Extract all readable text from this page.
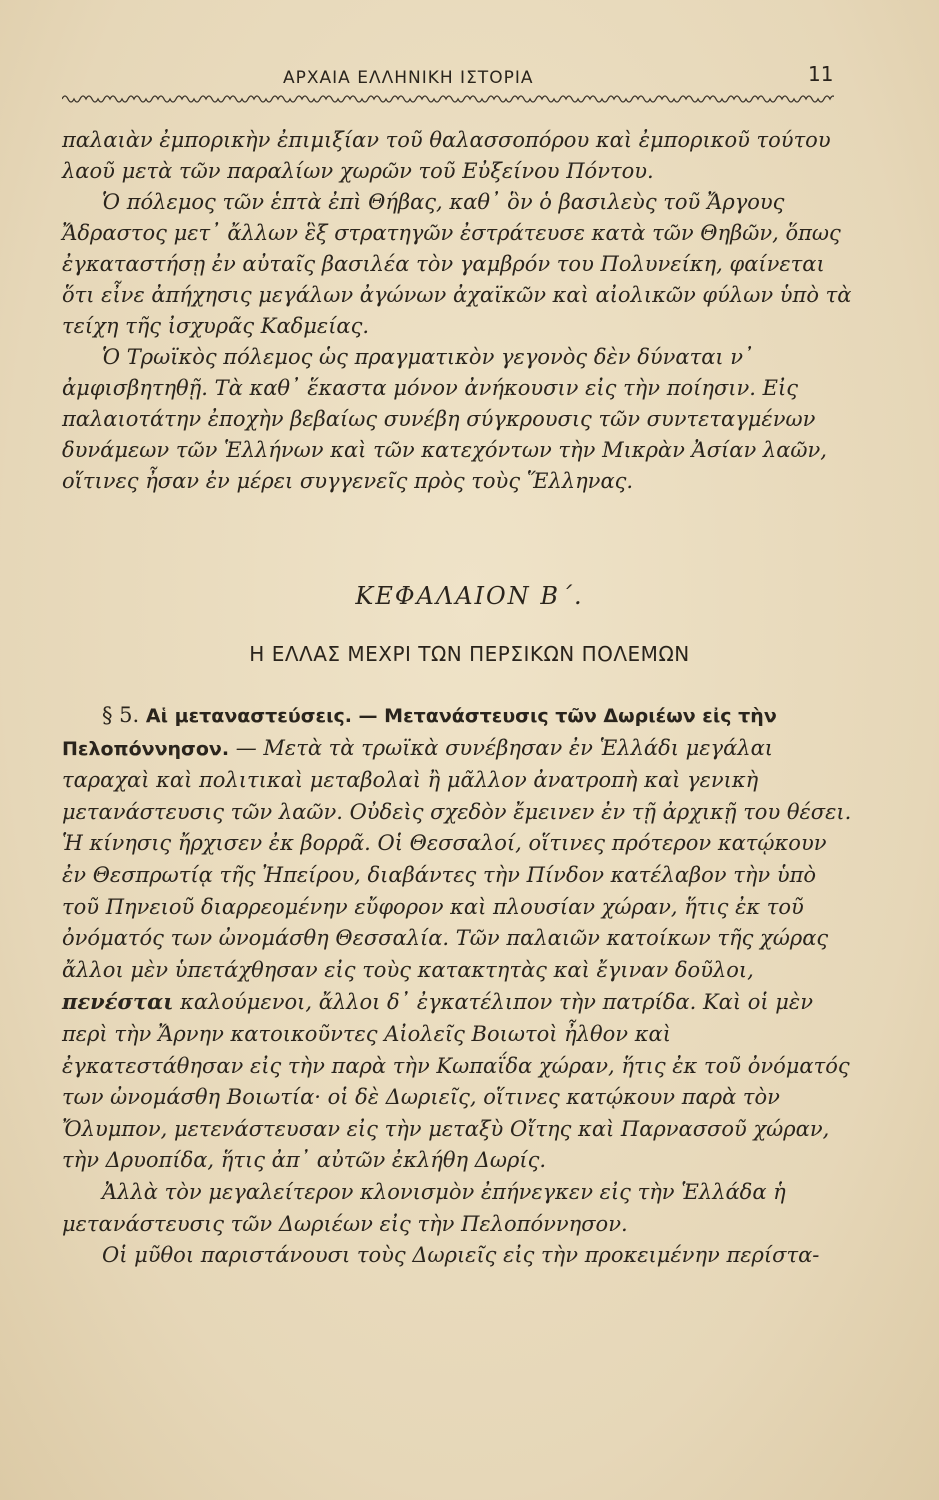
ΑΡΧΑΙΑ ΕΛΛΗΝΙΚΗ ΙΣΤΟΡΙΑ	11

παλαιὰν ἐμπορικὴν ἐπιμιξίαν τοῦ θαλασσοπόρου καὶ ἐμπορικοῦ τούτου λαοῦ μετὰ τῶν παραλίων χωρῶν τοῦ Εὐξείνου Πόντου.

Ὁ πόλεμος τῶν ἑπτὰ ἐπὶ Θήβας, καθ᾽ ὃν ὁ βασιλεὺς τοῦ Ἄργους Ἄδραστος μετ᾽ ἄλλων ἓξ στρατηγῶν ἐστράτευσε κατὰ τῶν Θηβῶν, ὅπως ἐγκαταστήσῃ ἐν αὐταῖς βασιλέα τὸν γαμβρόν του Πολυνείκη, φαίνεται ὅτι εἶνε ἀπήχησις μεγάλων ἀγώνων ἀχαϊκῶν καὶ αἰολικῶν φύλων ὑπὸ τὰ τείχη τῆς ἰσχυρᾶς Καδμείας.

Ὁ Τρωϊκὸς πόλεμος ὡς πραγματικὸν γεγονὸς δὲν δύναται ν᾽ ἀμφισβητηθῇ. Τὰ καθ᾽ ἕκαστα μόνον ἀνήκουσιν εἰς τὴν ποίησιν. Εἰς παλαιοτάτην ἐποχὴν βεβαίως συνέβη σύγκρουσις τῶν συντεταγμένων δυνάμεων τῶν Ἑλλήνων καὶ τῶν κατεχόντων τὴν Μικρὰν Ἀσίαν λαῶν, οἵτινες ἦσαν ἐν μέρει συγγενεῖς πρὸς τοὺς Ἕλληνας.

ΚΕΦΑΛΑΙΟΝ Β΄.
Η ΕΛΛΑΣ ΜΕΧΡΙ ΤΩΝ ΠΕΡΣΙΚΩΝ ΠΟΛΕΜΩΝ

§ 5. Αἱ μεταναστεύσεις. — Μετανάστευσις τῶν Δωριέων εἰς τὴν Πελοπόννησον. — Μετὰ τὰ τρωϊκὰ συνέβησαν ἐν Ἑλλάδι μεγάλαι ταραχαὶ καὶ πολιτικαὶ μεταβολαὶ ἢ μᾶλλον ἀνατροπὴ καὶ γενικὴ μετανάστευσις τῶν λαῶν. Οὐδεὶς σχεδὸν ἔμεινεν ἐν τῇ ἀρχικῇ του θέσει. Ἡ κίνησις ἤρχισεν ἐκ βορρᾶ. Οἱ Θεσσαλοί, οἵτινες πρότερον κατῴκουν ἐν Θεσπρωτίᾳ τῆς Ἠπείρου, διαβάντες τὴν Πίνδον κατέλαβον τὴν ὑπὸ τοῦ Πηνειοῦ διαρρεομένην εὔφορον καὶ πλουσίαν χώραν, ἥτις ἐκ τοῦ ὀνόματός των ὠνομάσθη Θεσσαλία. Τῶν παλαιῶν κατοίκων τῆς χώρας ἄλλοι μὲν ὑπετάχθησαν εἰς τοὺς κατακτητὰς καὶ ἔγιναν δοῦλοι, πενέσται καλούμενοι, ἄλλοι δ᾽ ἐγκατέλιπον τὴν πατρίδα. Καὶ οἱ μὲν περὶ τὴν Ἄρνην κατοικοῦντες Αἰολεῖς Βοιωτοὶ ἦλθον καὶ ἐγκατεστάθησαν εἰς τὴν παρὰ τὴν Κωπαΐδα χώραν, ἥτις ἐκ τοῦ ὀνόματός των ὠνομάσθη Βοιωτία· οἱ δὲ Δωριεῖς, οἵτινες κατῴκουν παρὰ τὸν Ὄλυμπον, μετενάστευσαν εἰς τὴν μεταξὺ Οἴτης καὶ Παρνασσοῦ χώραν, τὴν Δρυοπίδα, ἥτις ἀπ᾽ αὐτῶν ἐκλήθη Δωρίς.

Ἀλλὰ τὸν μεγαλείτερον κλονισμὸν ἐπήνεγκεν εἰς τὴν Ἑλλάδα ἡ μετανάστευσις τῶν Δωριέων εἰς τὴν Πελοπόννησον.

Οἱ μῦθοι παριστάνουσι τοὺς Δωριεῖς εἰς τὴν προκειμένην περίστα-
